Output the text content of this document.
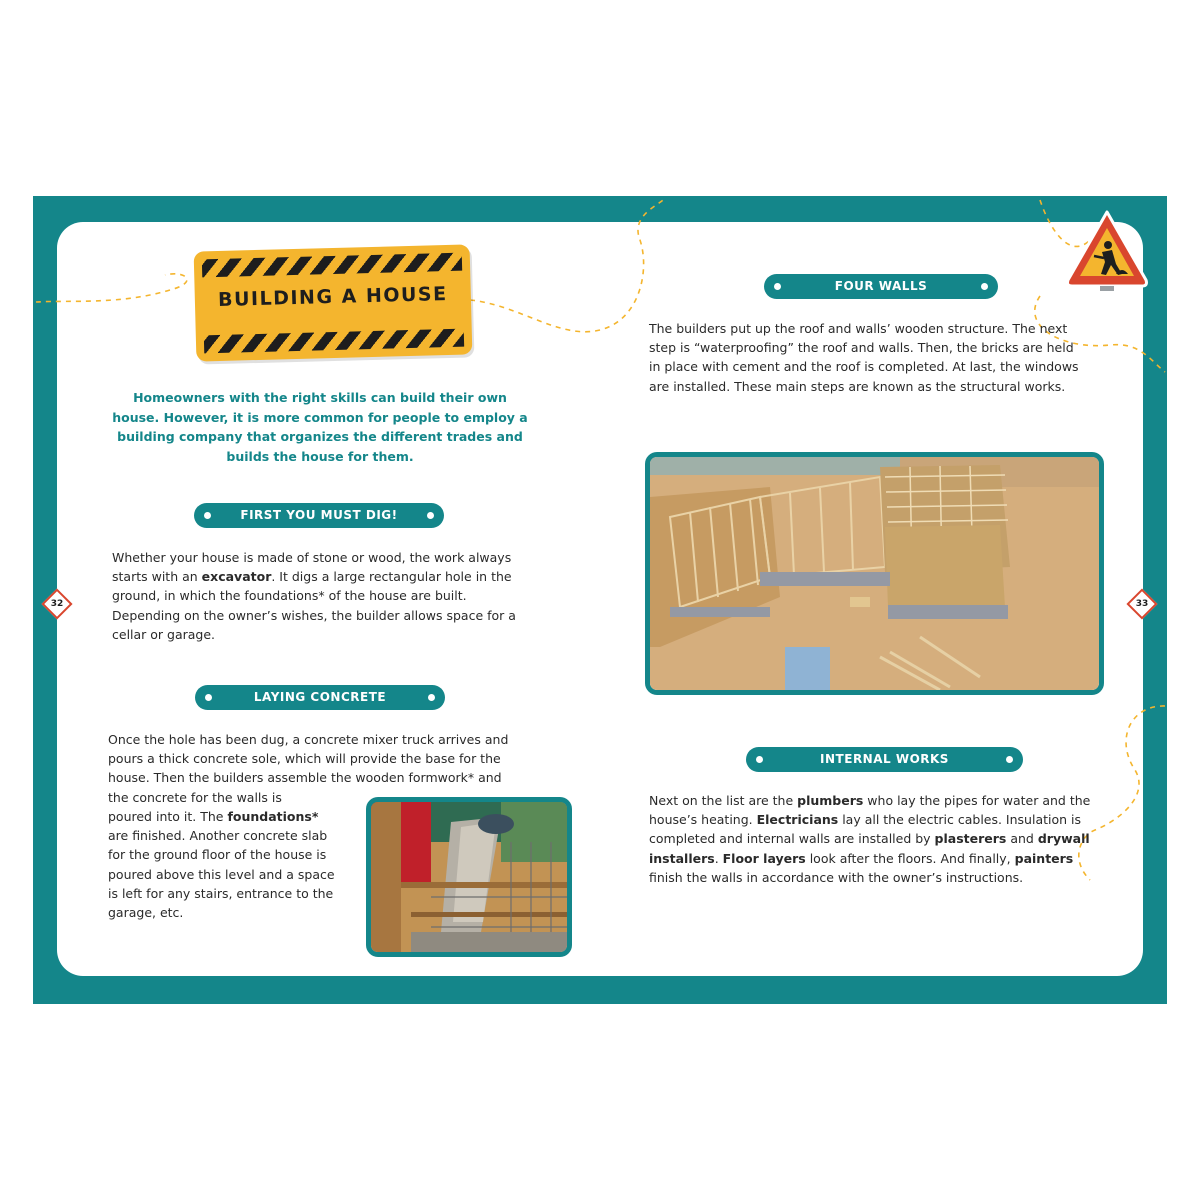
BUILDING A HOUSE
Homeowners with the right skills can build their own house. However, it is more common for people to employ a building company that organizes the different trades and builds the house for them.
FIRST YOU MUST DIG!
Whether your house is made of stone or wood, the work always starts with an excavator. It digs a large rectangular hole in the ground, in which the foundations* of the house are built. Depending on the owner’s wishes, the builder allows space for a cellar or garage.
LAYING CONCRETE
Once the hole has been dug, a concrete mixer truck arrives and pours a thick concrete sole, which will provide the base for the house. Then the builders assemble the wooden formwork* and the concrete for the walls is
poured into it. The foundations*
are finished. Another concrete slab for the ground floor of the house is poured above this level and a space is left for any stairs, entrance to the garage, etc.
FOUR WALLS
The builders put up the roof and walls’ wooden structure. The next step is “waterproofing” the roof and walls. Then, the bricks are held in place with cement and the roof is completed. At last, the windows are installed. These main steps are known as the structural works.
INTERNAL WORKS
Next on the list are the plumbers who lay the pipes for water and the house’s heating. Electricians lay all the electric cables. Insulation is completed and internal walls are installed by plasterers and drywall installers. Floor layers look after the floors. And finally, painters finish the walls in accordance with the owner’s instructions.
32	33
